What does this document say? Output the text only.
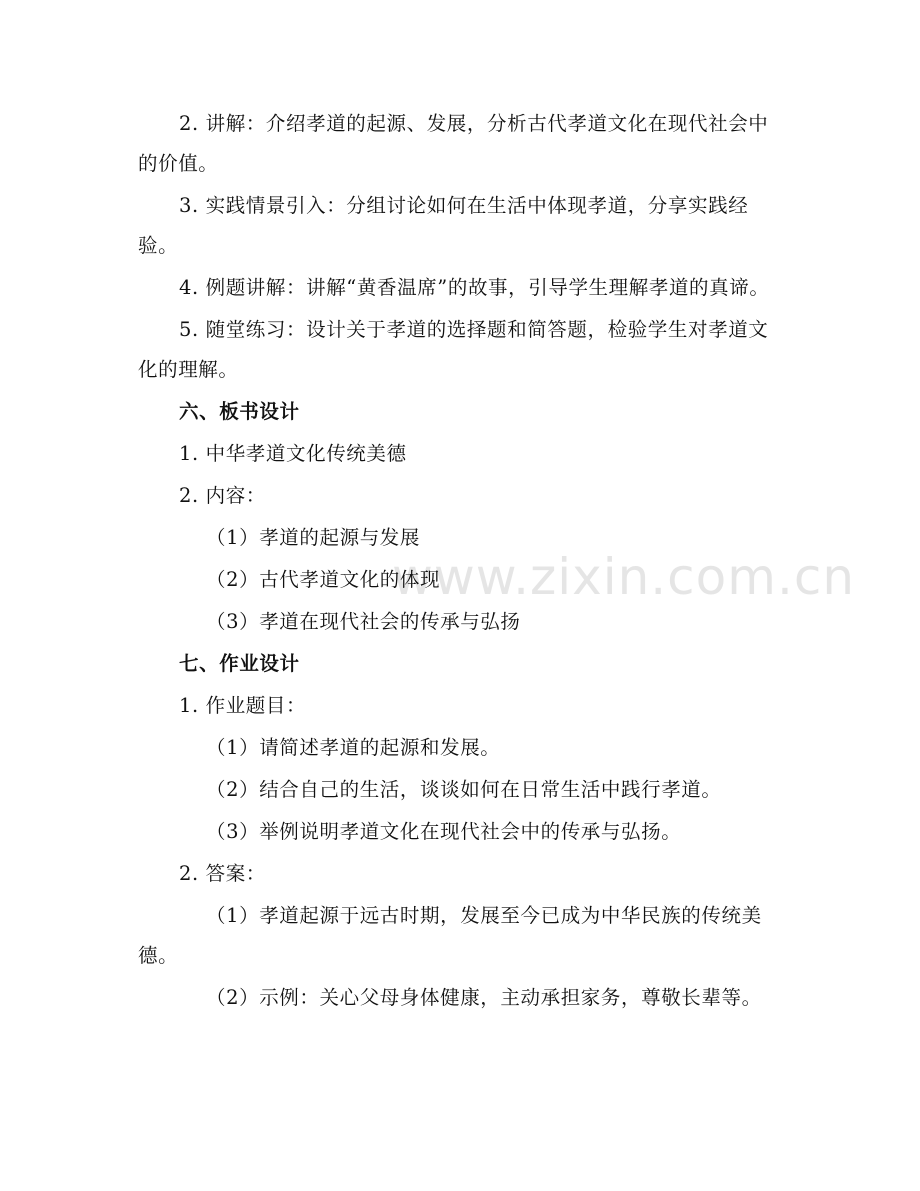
www.zixin.com.cn

2. 讲解：介绍孝道的起源、发展，分析古代孝道文化在现代社会中的价值。

3. 实践情景引入：分组讨论如何在生活中体现孝道，分享实践经验。

4. 例题讲解：讲解“黄香温席”的故事，引导学生理解孝道的真谛。

5. 随堂练习：设计关于孝道的选择题和简答题，检验学生对孝道文化的理解。

六、板书设计

1. 中华孝道文化传统美德

2. 内容：

（1）孝道的起源与发展

（2）古代孝道文化的体现

（3）孝道在现代社会的传承与弘扬

七、作业设计

1. 作业题目：

（1）请简述孝道的起源和发展。

（2）结合自己的生活，谈谈如何在日常生活中践行孝道。

（3）举例说明孝道文化在现代社会中的传承与弘扬。

2. 答案：

（1）孝道起源于远古时期，发展至今已成为中华民族的传统美德。

（2）示例：关心父母身体健康，主动承担家务，尊敬长辈等。
